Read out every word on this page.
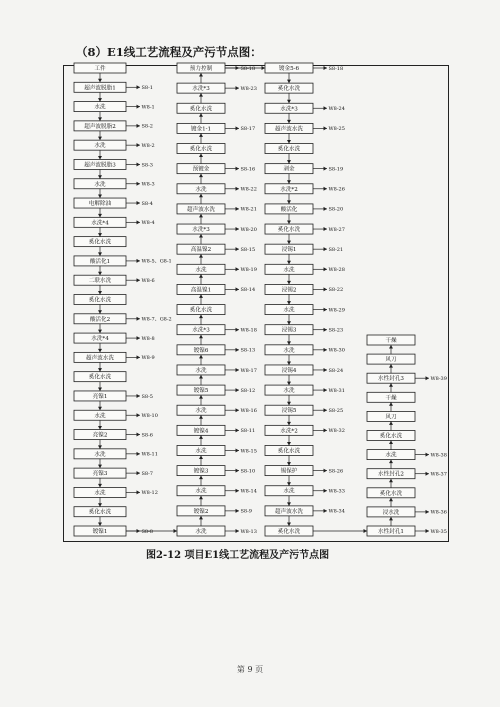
（8）E1线工艺流程及产污节点图：
工件
超声波脱脂1	S8-1
水洗	W8-1
超声波脱脂2	S8-2
水洗	W8-2
超声波脱脂3	S8-3
水洗	W8-3
电解除油	S8-4
水洗*4	W8-4
奚化水洗
酸活化1	W8-5、G8-1
二联水洗	W8-6
奚化水洗
酸活化2	W8-7、G8-2
水洗*4	W8-8
超声波水洗	W8-9
奚化水洗
亮镍1	S8-5
水洗	W8-10
亮镍2	S8-6
水洗	W8-11
亮镍3	S8-7
水洗	W8-12
奚化水洗
镀镍1	S8-8
预力控制	S8-18
水洗*3	W8-23
奚化水洗
镀金1-1	S8-17
奚化水洗
预镀金	S8-16
水洗	W8-22
超声波水洗	W8-21
水洗*3	W8-20
高温镍2	S8-15
水洗	W8-19
高温镍1	S8-14
奚化水洗
水洗*3	W8-18
镀镍6	S8-13
水洗	W8-17
镀镍5	S8-12
水洗	W8-16
镀镍4	S8-11
水洗	W8-15
镀镍3	S8-10
水洗	W8-14
镀镍2	S8-9
水洗	W8-13
镀金5-6	S8-18
奚化水洗
水洗*3	W8-24
超声波水洗	W8-25
奚化水洗
剥金	S8-19
水洗*2	W8-26
酸活化	S8-20
奚化水洗	W8-27
浸锡1	S8-21
水洗	W8-28
浸锡2	S8-22
水洗	W8-29
浸锡3	S8-23
水洗	W8-30
浸锡4	S8-24
水洗	W8-31
浸锡5	S8-25
水洗*2	W8-32
奚化水洗
锡保护	S8-26
水洗	W8-33
超声波水洗	W8-34
奚化水洗
干燥
风刀
水性封孔3	W8-39
干燥
风刀
奚化水洗
水洗	W8-38
水性封孔2	W8-37
奚化水洗
浸水洗	W8-36
水性封孔1	W8-35
图2-12 项目E1线工艺流程及产污节点图
第 9 页
